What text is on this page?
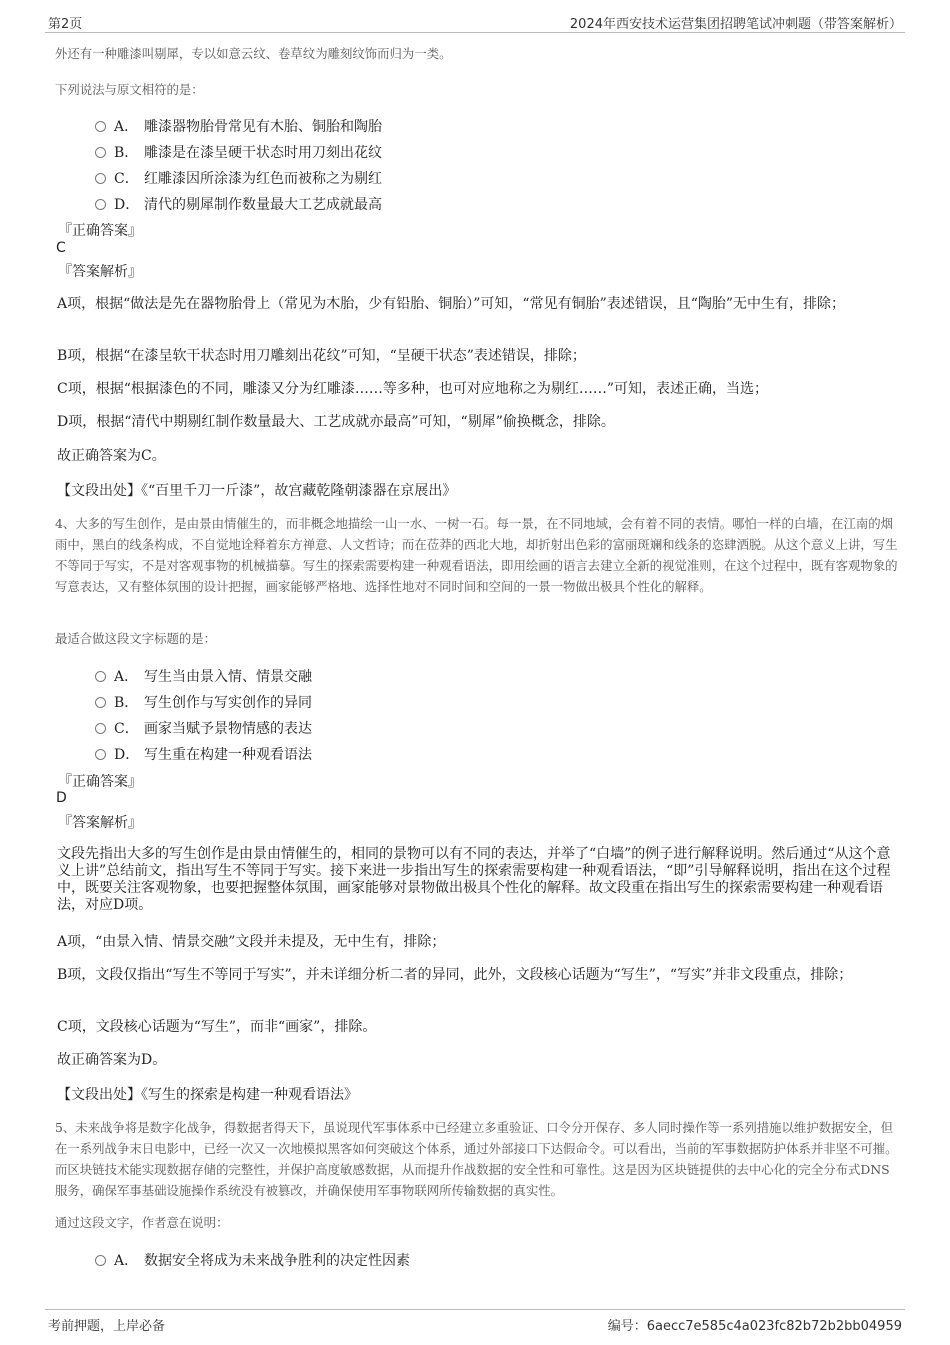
第2页	2024年西安技术运营集团招聘笔试冲刺题（带答案解析）
外还有一种雕漆叫剔犀，专以如意云纹、卷草纹为雕刻纹饰而归为一类。
下列说法与原文相符的是：
A． 雕漆器物胎骨常见有木胎、铜胎和陶胎
B． 雕漆是在漆呈硬干状态时用刀刻出花纹
C． 红雕漆因所涂漆为红色而被称之为剔红
D． 清代的剔犀制作数量最大工艺成就最高
『正确答案』
C
『答案解析』
A项，根据“做法是先在器物胎骨上（常见为木胎，少有铅胎、铜胎）”可知，“常见有铜胎”表述错误，且“陶胎”无中生有，排除；
B项，根据“在漆呈软干状态时用刀雕刻出花纹”可知，“呈硬干状态”表述错误，排除；
C项，根据“根据漆色的不同，雕漆又分为红雕漆……等多种，也可对应地称之为剔红……”可知，表述正确，当选；
D项，根据“清代中期剔红制作数量最大、工艺成就亦最高”可知，“剔犀”偷换概念，排除。
故正确答案为C。
【文段出处】《“百里千刀一斤漆”，故宫藏乾隆朝漆器在京展出》
4、大多的写生创作，是由景由情催生的，而非概念地描绘一山一水、一树一石。每一景，在不同地域，会有着不同的表情。哪怕一样的白墙，在江南的烟雨中，黑白的线条构成，不自觉地诠释着东方禅意、人文哲诗；而在莅莽的西北大地，却折射出色彩的富丽斑斓和线条的恣肆洒脱。从这个意义上讲，写生不等同于写实，不是对客观事物的机械描摹。写生的探索需要构建一种观看语法，即用绘画的语言去建立全新的视觉准则，在这个过程中，既有客观物象的写意表达，又有整体氛围的设计把握，画家能够严格地、选择性地对不同时间和空间的一景一物做出极具个性化的解释。
最适合做这段文字标题的是：
A． 写生当由景入情、情景交融
B． 写生创作与写实创作的异同
C． 画家当赋予景物情感的表达
D． 写生重在构建一种观看语法
『正确答案』
D
『答案解析』
文段先指出大多的写生创作是由景由情催生的，相同的景物可以有不同的表达，并举了“白墙”的例子进行解释说明。然后通过“从这个意义上讲”总结前文，指出写生不等同于写实。接下来进一步指出写生的探索需要构建一种观看语法，“即”引导解释说明，指出在这个过程中，既要关注客观物象，也要把握整体氛围，画家能够对景物做出极具个性化的解释。故文段重在指出写生的探索需要构建一种观看语法，对应D项。
A项，“由景入情、情景交融”文段并未提及，无中生有，排除；
B项，文段仅指出“写生不等同于写实”，并未详细分析二者的异同，此外，文段核心话题为“写生”，“写实”并非文段重点，排除；
C项，文段核心话题为“写生”，而非“画家”，排除。
故正确答案为D。
【文段出处】《写生的探索是构建一种观看语法》
5、未来战争将是数字化战争，得数据者得天下，虽说现代军事体系中已经建立多重验证、口令分开保存、多人同时操作等一系列措施以维护数据安全，但在一系列战争末日电影中，已经一次又一次地模拟黑客如何突破这个体系，通过外部接口下达假命令。可以看出，当前的军事数据防护体系并非坚不可摧。而区块链技术能实现数据存储的完整性，并保护高度敏感数据，从而提升作战数据的安全性和可靠性。这是因为区块链提供的去中心化的完全分布式DNS服务，确保军事基础设施操作系统没有被篡改，并确保使用军事物联网所传输数据的真实性。
通过这段文字，作者意在说明：
A． 数据安全将成为未来战争胜利的决定性因素
考前押题，上岸必备	编号：6aecc7e585c4a023fc82b72b2bb04959
